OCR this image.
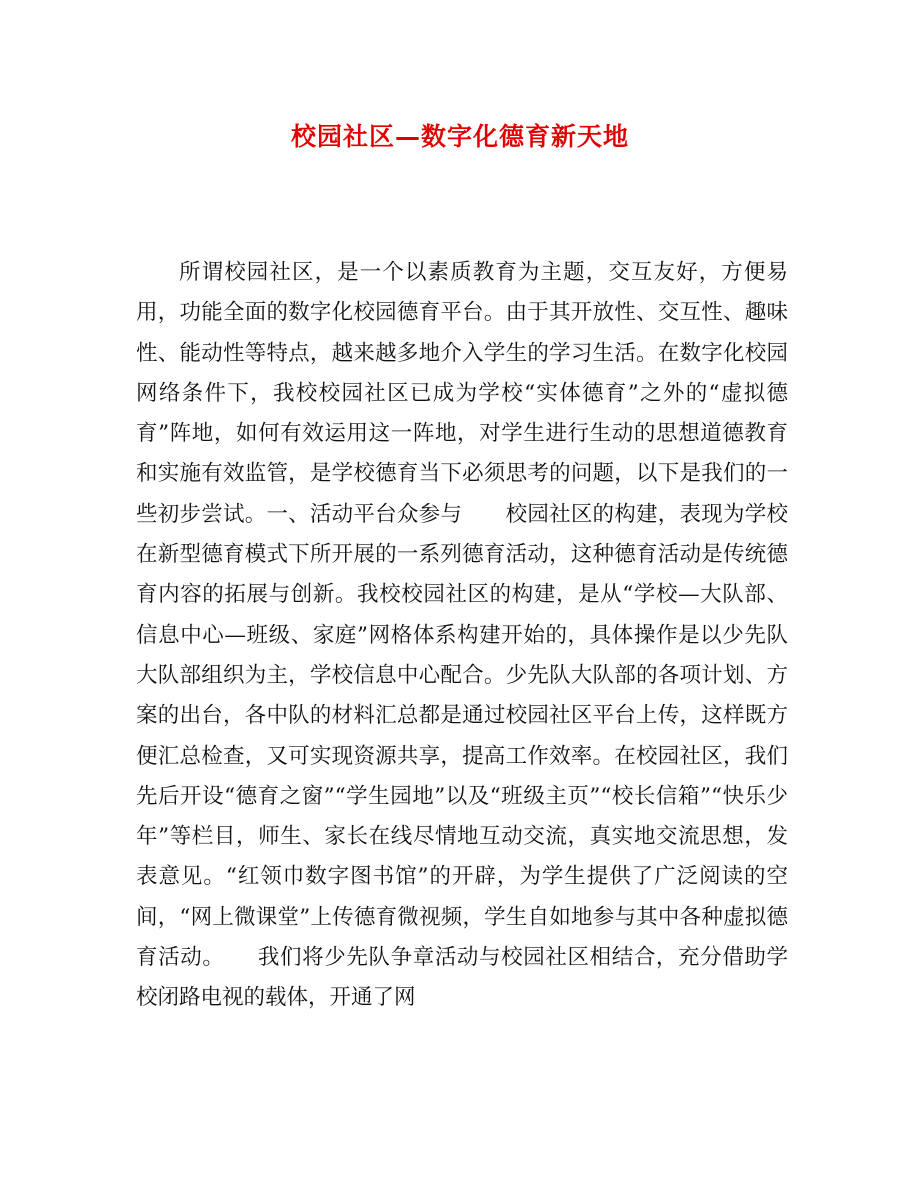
校园社区—数字化德育新天地
所谓校园社区，是一个以素质教育为主题，交互友好，方便易用，功能全面的数字化校园德育平台。由于其开放性、交互性、趣味性、能动性等特点，越来越多地介入学生的学习生活。在数字化校园网络条件下，我校校园社区已成为学校“实体德育”之外的“虚拟德育”阵地，如何有效运用这一阵地，对学生进行生动的思想道德教育和实施有效监管，是学校德育当下必须思考的问题，以下是我们的一些初步尝试。一、活动平台众参与　　校园社区的构建，表现为学校在新型德育模式下所开展的一系列德育活动，这种德育活动是传统德育内容的拓展与创新。我校校园社区的构建，是从“学校—大队部、信息中心—班级、家庭”网格体系构建开始的，具体操作是以少先队大队部组织为主，学校信息中心配合。少先队大队部的各项计划、方案的出台，各中队的材料汇总都是通过校园社区平台上传，这样既方便汇总检查，又可实现资源共享，提高工作效率。在校园社区，我们先后开设“德育之窗”“学生园地”以及“班级主页”“校长信箱”“快乐少年”等栏目，师生、家长在线尽情地互动交流，真实地交流思想，发表意见。“红领巾数字图书馆”的开辟，为学生提供了广泛阅读的空间，“网上微课堂”上传德育微视频，学生自如地参与其中各种虚拟德育活动。　　我们将少先队争章活动与校园社区相结合，充分借助学校闭路电视的载体，开通了网
